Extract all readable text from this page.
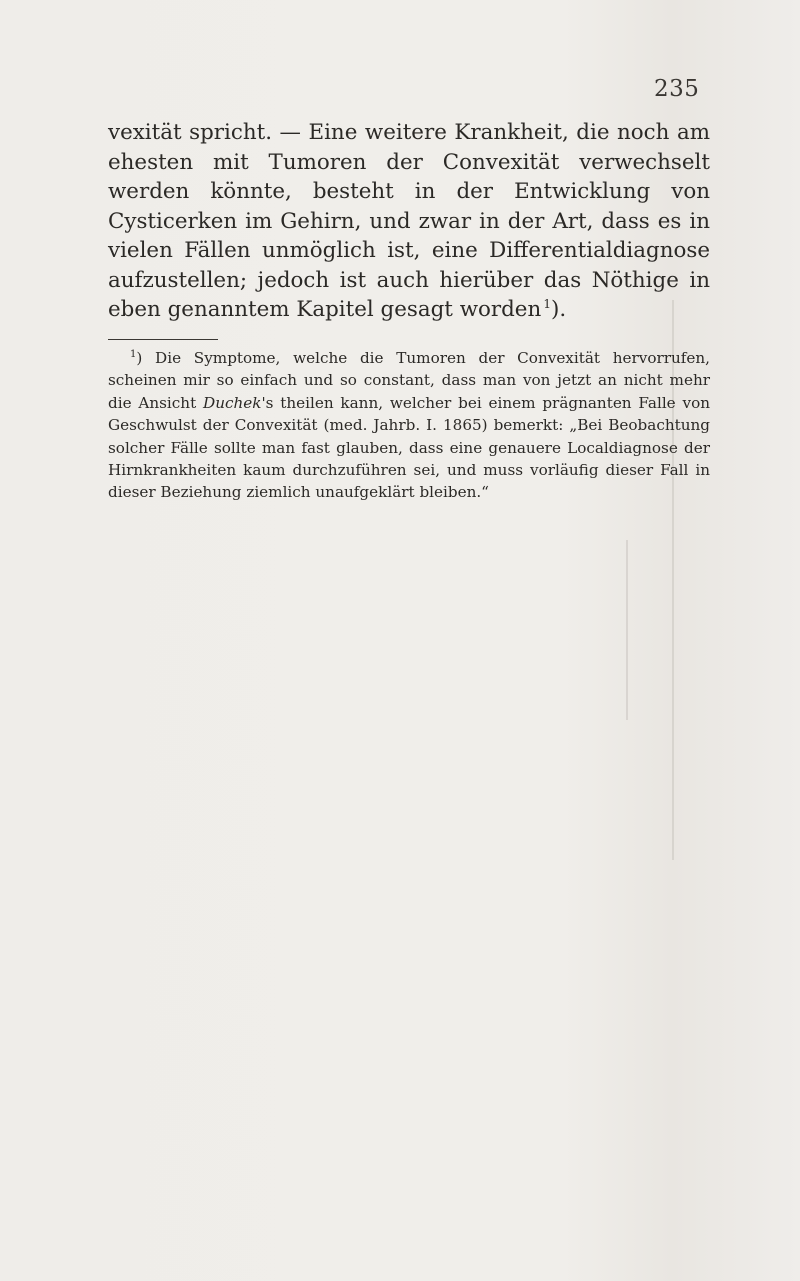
235
vexität spricht. — Eine weitere Krankheit, die noch am ehesten mit Tumoren der Convexität verwechselt werden könnte, besteht in der Entwicklung von Cysticerken im Gehirn, und zwar in der Art, dass es in vielen Fällen unmöglich ist, eine Differentialdiagnose aufzustellen; jedoch ist auch hierüber das Nöthige in eben genanntem Kapitel gesagt worden  $^1$).
$^1$) Die Symptome, welche die Tumoren der Convexität hervorrufen, scheinen mir so einfach und so constant, dass man von jetzt an nicht mehr die Ansicht Duchek's theilen kann, welcher bei einem prägnanten Falle von Geschwulst der Convexität (med. Jahrb. I. 1865) bemerkt: „Bei Beobachtung solcher Fälle sollte man fast glauben, dass eine genauere Localdiagnose der Hirnkrankheiten kaum durchzuführen sei, und muss vorläufig dieser Fall in dieser Beziehung ziemlich unaufgeklärt bleiben.“
